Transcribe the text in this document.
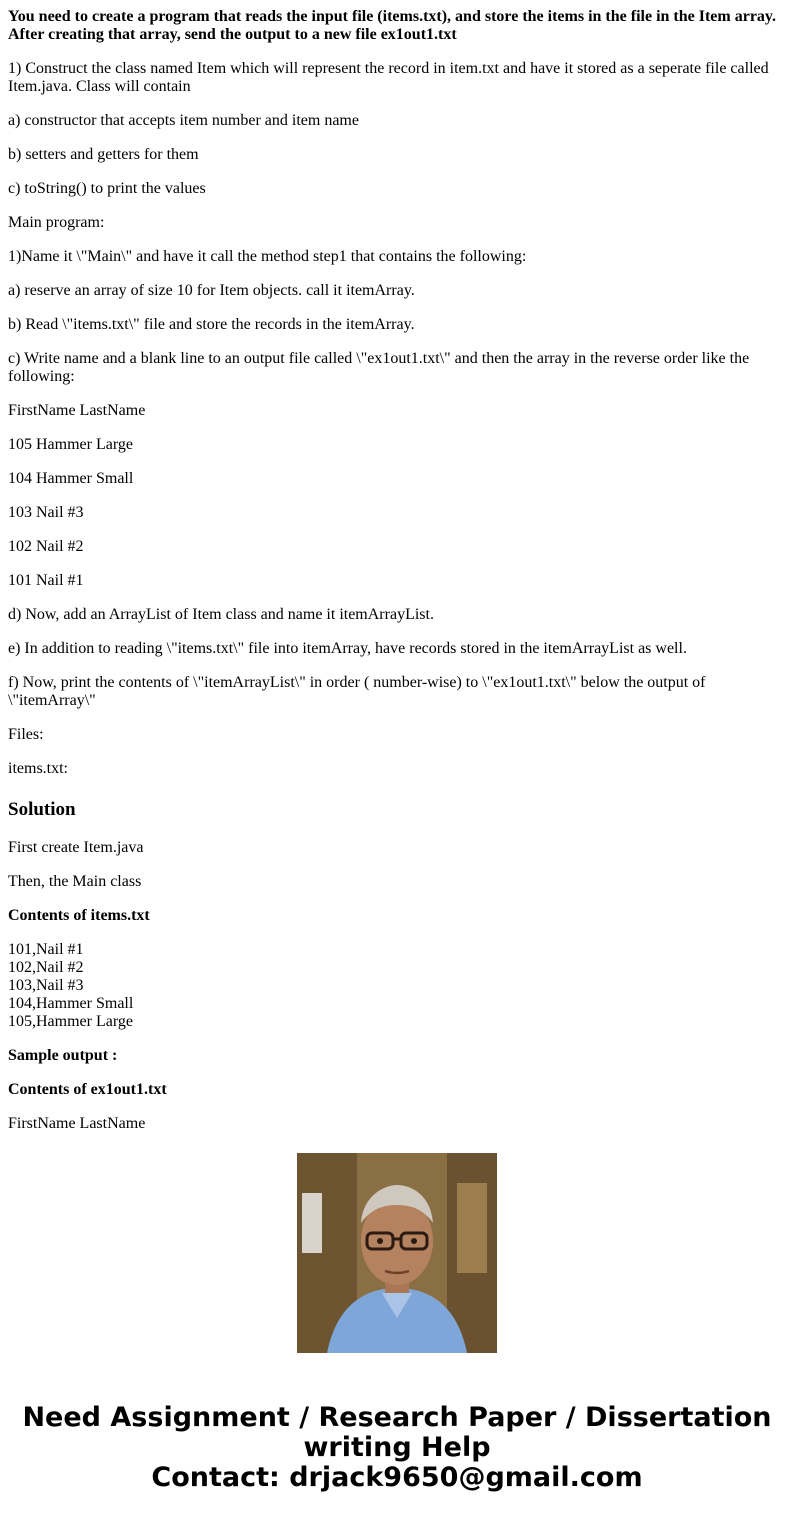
You need to create a program that reads the input file (items.txt), and store the items in the file in the Item array. After creating that array, send the output to a new file ex1out1.txt

1) Construct the class named Item which will represent the record in item.txt and have it stored as a seperate file called Item.java. Class will contain

a) constructor that accepts item number and item name

b) setters and getters for them

c) toString() to print the values

Main program:

1)Name it \"Main\" and have it call the method step1 that contains the following:

a) reserve an array of size 10 for Item objects. call it itemArray.

b) Read \"items.txt\" file and store the records in the itemArray.

c) Write name and a blank line to an output file called \"ex1out1.txt\" and then the array in the reverse order like the following:

FirstName LastName

105 Hammer Large

104 Hammer Small

103 Nail #3

102 Nail #2

101 Nail #1

d) Now, add an ArrayList of Item class and name it itemArrayList.

e) In addition to reading \"items.txt\" file into itemArray, have records stored in the itemArrayList as well.

f) Now, print the contents of \"itemArrayList\" in order ( number-wise) to \"ex1out1.txt\" below the output of \"itemArray\"

Files:

items.txt:

Solution

First create Item.java

Then, the Main class

Contents of items.txt

101,Nail #1
102,Nail #2
103,Nail #3
104,Hammer Small
105,Hammer Large

Sample output :

Contents of ex1out1.txt

FirstName LastName

Need Assignment / Research Paper / Dissertation
writing Help
Contact: drjack9650@gmail.com
